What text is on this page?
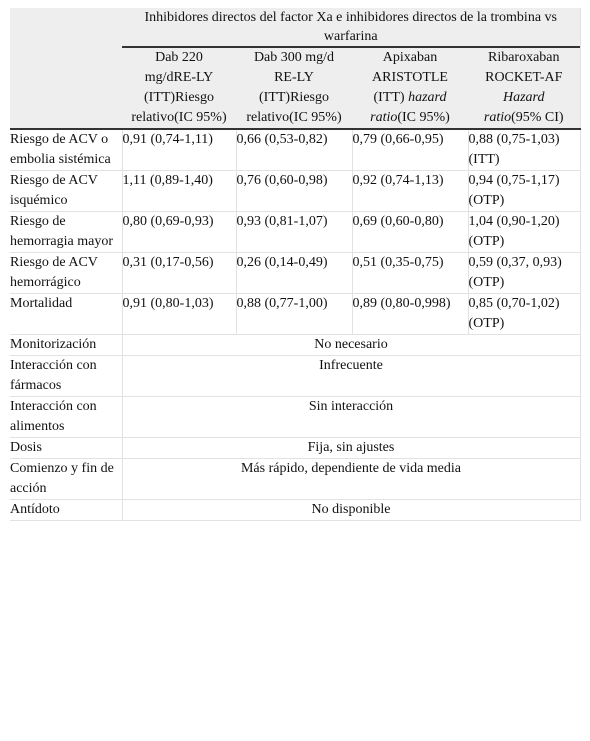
	Inhibidores directos del factor Xa e inhibidores directos de la trombina vs warfarina			

	Dab 220
mg/dRE-LY
(ITT)Riesgo
relativo(IC 95%)	Dab 300 mg/d
RE-LY
(ITT)Riesgo
relativo(IC 95%)	Apixaban
ARISTOTLE
(ITT) hazard
ratio(IC 95%)	Ribaroxaban
ROCKET-AF
Hazard
ratio(95% CI)
Riesgo de ACV o embolia sistémica	0,91 (0,74-1,11)	0,66 (0,53-0,82)	0,79 (0,66-0,95)	0,88 (0,75-1,03) (ITT)
Riesgo de ACV isquémico	1,11 (0,89-1,40)	0,76 (0,60-0,98)	0,92 (0,74-1,13)	0,94 (0,75-1,17) (OTP)
Riesgo de hemorragia mayor	0,80 (0,69-0,93)	0,93 (0,81-1,07)	0,69 (0,60-0,80)	1,04 (0,90-1,20) (OTP)
Riesgo de ACV hemorrágico	0,31 (0,17-0,56)	0,26 (0,14-0,49)	0,51 (0,35-0,75)	0,59 (0,37, 0,93) (OTP)
Mortalidad	0,91 (0,80-1,03)	0,88 (0,77-1,00)	0,89 (0,80-0,998)	0,85 (0,70-1,02) (OTP)
Monitorización	No necesario			
Interacción con fármacos	Infrecuente			
Interacción con alimentos	Sin interacción			
Dosis	Fija, sin ajustes			
Comienzo y fin de acción	Más rápido, dependiente de vida media			
Antídoto	No disponible			
